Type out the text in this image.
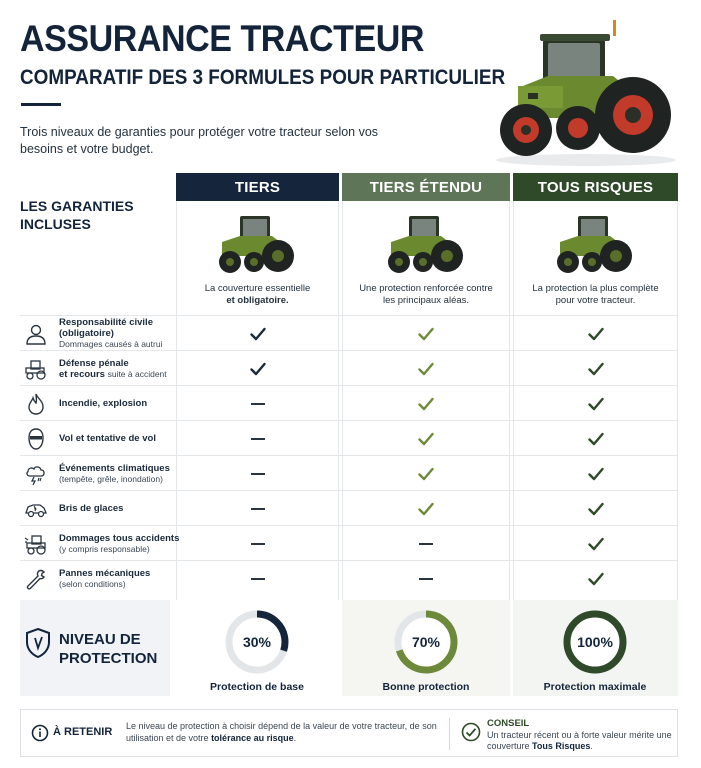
ASSURANCE TRACTEUR
COMPARATIF DES 3 FORMULES POUR PARTICULIER
Trois niveaux de garanties pour protéger votre tracteur selon vos besoins et votre budget.
TIERS	TIERS ÉTENDU	TOUS RISQUES
LES GARANTIES
INCLUSES
La couverture essentielle
et obligatoire.
Une protection renforcée contre
les principaux aléas.
La protection la plus complète
pour votre tracteur.
Responsabilité civile
(obligatoire)
Dommages causés à autrui
Défense pénale
et recours suite à accident
Incendie, explosion
Vol et tentative de vol
Événements climatiques
(tempête, grêle, inondation)
Bris de glaces
Dommages tous accidents
(y compris responsable)
Pannes mécaniques
(selon conditions)
NIVEAU DE
PROTECTION
30%
Protection de base
70%
Bonne protection
100%
Protection maximale
À RETENIR Le niveau de protection à choisir dépend de la valeur de votre tracteur, de son utilisation et de votre tolérance au risque.
CONSEIL
Un tracteur récent ou à forte valeur mérite une couverture Tous Risques.
